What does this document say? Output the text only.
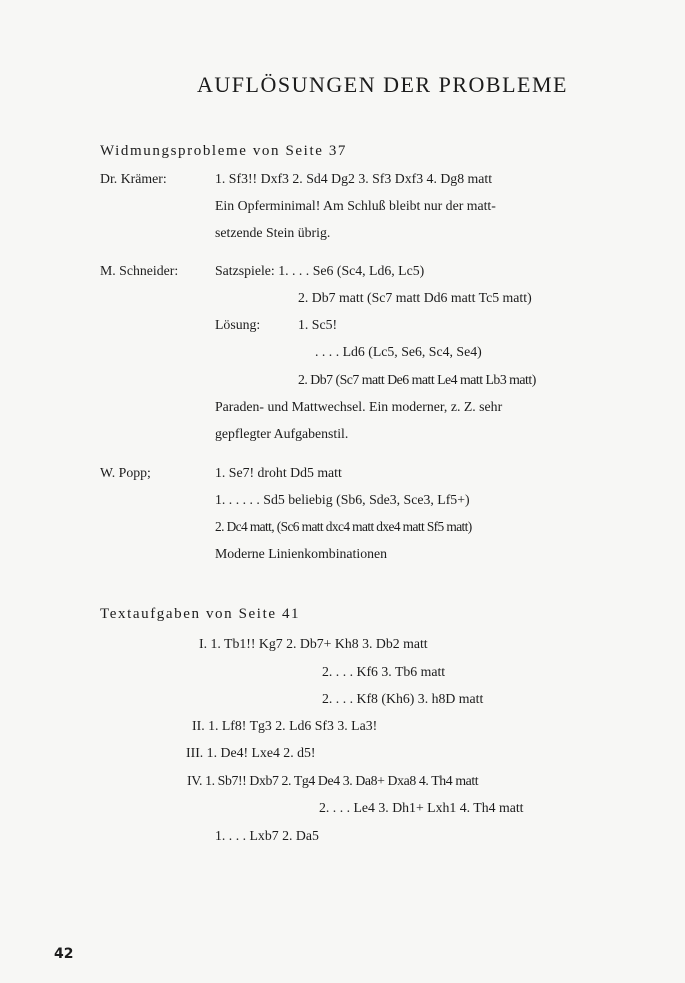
AUFLÖSUNGEN DER PROBLEME
Widmungsprobleme von Seite 37
Dr. Krämer:	1. Sf3!! Dxf3 2. Sd4 Dg2 3. Sf3 Dxf3 4. Dg8 matt
Ein Opferminimal! Am Schluß bleibt nur der matt-
setzende Stein übrig.
M. Schneider:	Satzspiele: 1. . . . Se6 (Sc4, Ld6, Lc5)
2. Db7 matt (Sc7 matt Dd6 matt Tc5 matt)
Lösung:	1. Sc5!
. . . . Ld6 (Lc5, Se6, Sc4, Se4)
2. Db7 (Sc7 matt De6 matt Le4 matt Lb3 matt)
Paraden- und Mattwechsel. Ein moderner, z. Z. sehr
gepflegter Aufgabenstil.
W. Popp;	1. Se7! droht Dd5 matt
1. . . . . . Sd5 beliebig (Sb6, Sde3, Sce3, Lf5+)
2. Dc4 matt, (Sc6 matt dxc4 matt dxe4 matt Sf5 matt)
Moderne Linienkombinationen
Textaufgaben von Seite 41
I. 1. Tb1!! Kg7 2. Db7+ Kh8 3. Db2 matt
2. . . . Kf6 3. Tb6 matt
2. . . . Kf8 (Kh6) 3. h8D matt
II. 1. Lf8! Tg3 2. Ld6 Sf3 3. La3!
III. 1. De4! Lxe4 2. d5!
IV. 1. Sb7!! Dxb7 2. Tg4 De4 3. Da8+ Dxa8 4. Th4 matt
2. . . . Le4 3. Dh1+ Lxh1 4. Th4 matt
1. . . . Lxb7 2. Da5
42
